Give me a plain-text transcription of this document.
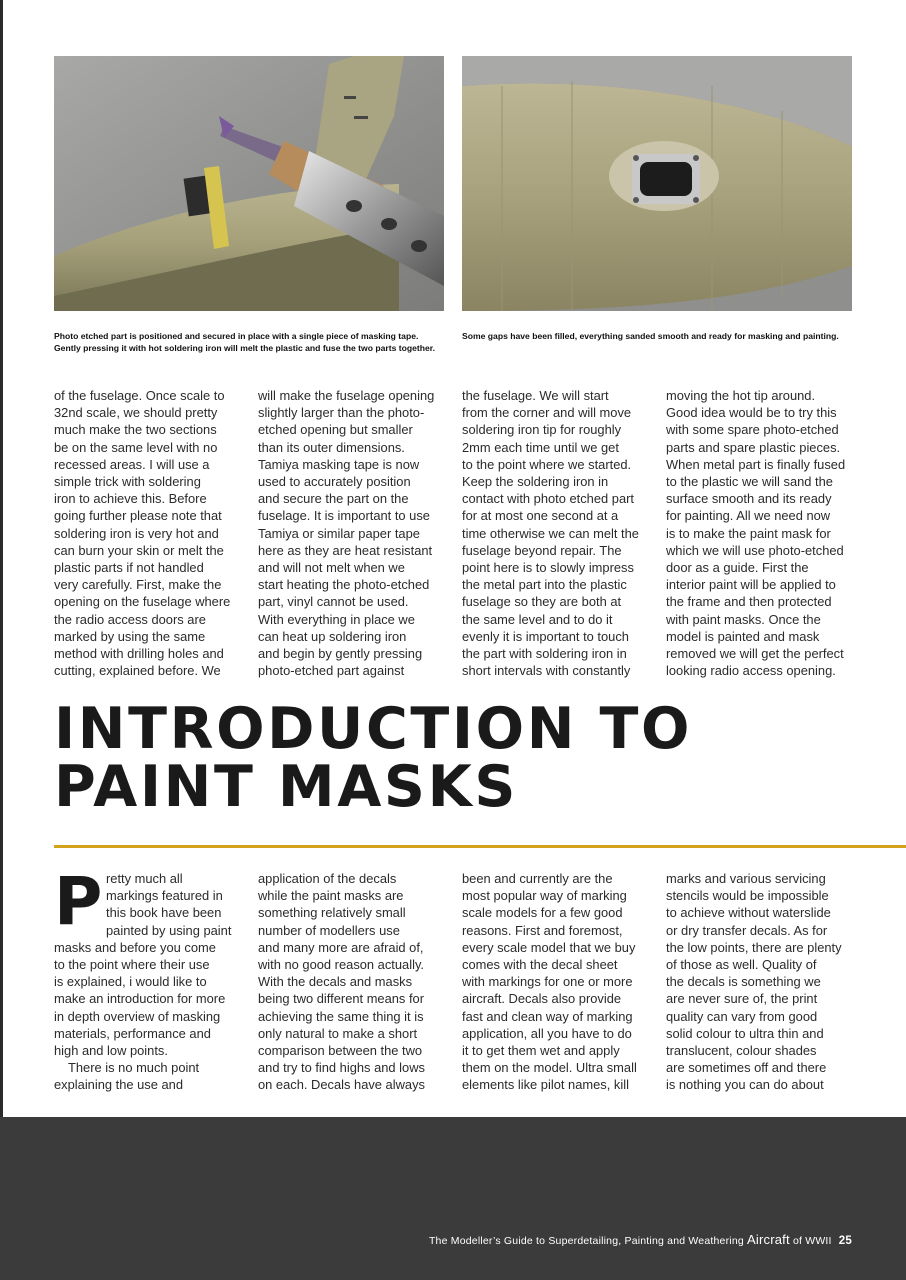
Photo etched part is positioned and secured in place with a single piece of masking tape. Gently pressing it with hot soldering iron will melt the plastic and fuse the two parts together.
Some gaps have been filled, everything sanded smooth and ready for masking and painting.
of the fuselage. Once scale to
32nd scale, we should pretty
much make the two sections
be on the same level with no
recessed areas. I will use a
simple trick with soldering
iron to achieve this. Before
going further please note that
soldering iron is very hot and
can burn your skin or melt the
plastic parts if not handled
very carefully. First, make the
opening on the fuselage where
the radio access doors are
marked by using the same
method with drilling holes and
cutting, explained before. We
will make the fuselage opening
slightly larger than the photo-
etched opening but smaller
than its outer dimensions.
Tamiya masking tape is now
used to accurately position
and secure the part on the
fuselage. It is important to use
Tamiya or similar paper tape
here as they are heat resistant
and will not melt when we
start heating the photo-etched
part, vinyl cannot be used.
With everything in place we
can heat up soldering iron
and begin by gently pressing
photo-etched part against
the fuselage. We will start
from the corner and will move
soldering iron tip for roughly
2mm each time until we get
to the point where we started.
Keep the soldering iron in
contact with photo etched part
for at most one second at a
time otherwise we can melt the
fuselage beyond repair. The
point here is to slowly impress
the metal part into the plastic
fuselage so they are both at
the same level and to do it
evenly it is important to touch
the part with soldering iron in
short intervals with constantly
moving the hot tip around.
Good idea would be to try this
with some spare photo-etched
parts and spare plastic pieces.
When metal part is finally fused
to the plastic we will sand the
surface smooth and its ready
for painting. All we need now
is to make the paint mask for
which we will use photo-etched
door as a guide. First the
interior paint will be applied to
the frame and then protected
with paint masks. Once the
model is painted and mask
removed we will get the perfect
looking radio access opening.
INTRODUCTION TO
PAINT MASKS
P retty much all
markings featured in
this book have been
painted by using paint
masks and before you come
to the point where their use
is explained, i would like to
make an introduction for more
in depth overview of masking
materials, performance and
high and low points.
There is no much point
explaining the use and
application of the decals
while the paint masks are
something relatively small
number of modellers use
and many more are afraid of,
with no good reason actually.
With the decals and masks
being two different means for
achieving the same thing it is
only natural to make a short
comparison between the two
and try to find highs and lows
on each. Decals have always
been and currently are the
most popular way of marking
scale models for a few good
reasons. First and foremost,
every scale model that we buy
comes with the decal sheet
with markings for one or more
aircraft. Decals also provide
fast and clean way of marking
application, all you have to do
it to get them wet and apply
them on the model. Ultra small
elements like pilot names, kill
marks and various servicing
stencils would be impossible
to achieve without waterslide
or dry transfer decals. As for
the low points, there are plenty
of those as well. Quality of
the decals is something we
are never sure of, the print
quality can vary from good
solid colour to ultra thin and
translucent, colour shades
are sometimes off and there
is nothing you can do about
The Modeller’s Guide to Superdetailing, Painting and Weathering Aircraft of WWII 25
